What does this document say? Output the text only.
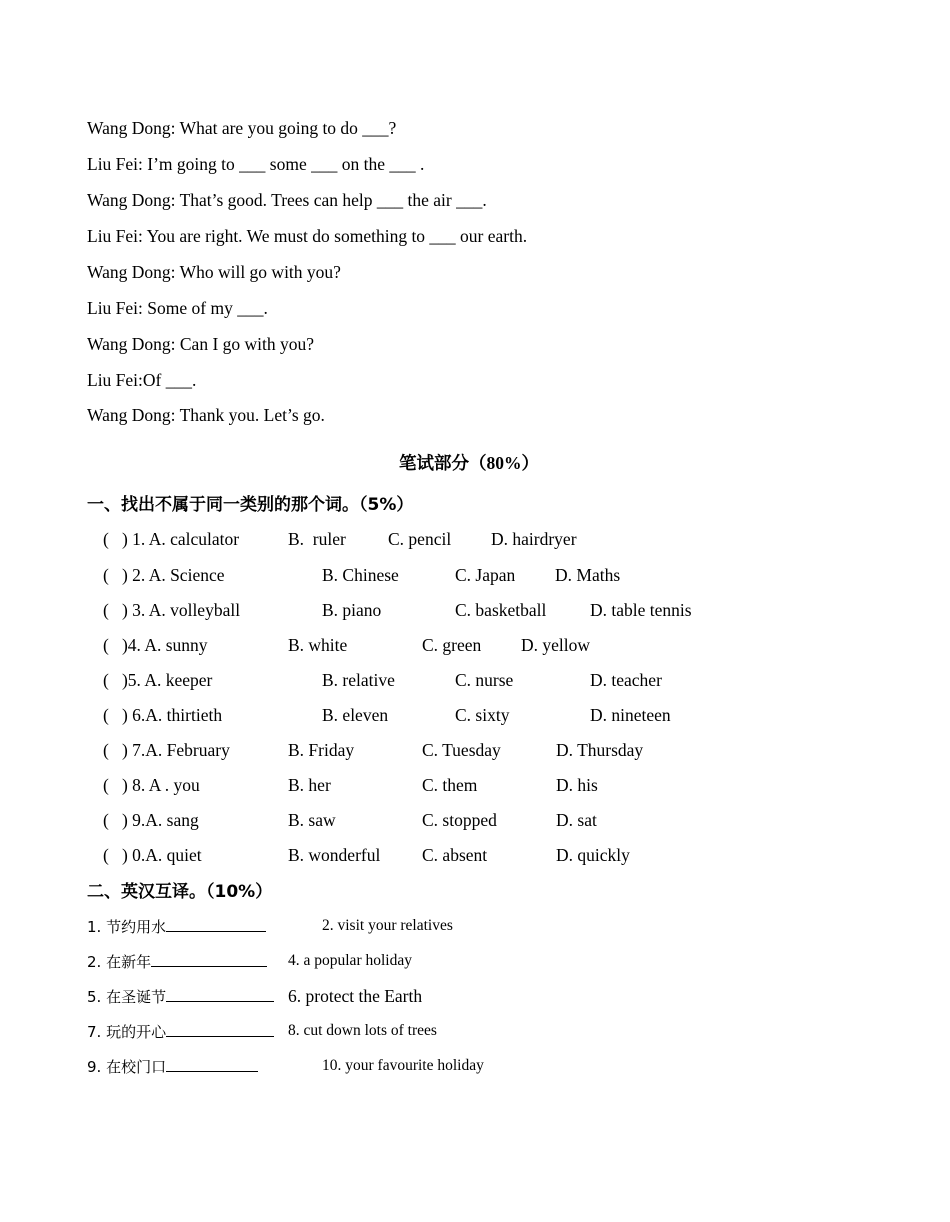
Wang Dong: What are you going to do ___?
Liu Fei: I’m going to ___ some ___ on the ___ .
Wang Dong: That’s good. Trees can help ___ the air ___.
Liu Fei: You are right. We must do something to ___ our earth.
Wang Dong: Who will go with you?
Liu Fei: Some of my ___.
Wang Dong: Can I go with you?
Liu Fei:Of ___.
Wang Dong: Thank you. Let’s go.
笔试部分（80%）
一、找出不属于同一类别的那个词。（5%）
(   ) 1. A. calculator	B.  ruler C. pencil D. hairdryer
(   ) 2. A. Science	B. Chinese	C. Japan D. Maths
(   ) 3. A. volleyball	B. piano	C. basketball D. table tennis
(   )4. A. sunny	B. white	C. green D. yellow
(   )5. A. keeper	B. relative	C. nurse	D. teacher
(   ) 6.A. thirtieth	B. eleven	C. sixty	D. nineteen
(   ) 7.A. February	B. Friday	C. Tuesday	D. Thursday
(   ) 8. A . you	B. her	C. them	D. his
(   ) 9.A. sang	B. saw	C. stopped	D. sat
(   ) 0.A. quiet	B. wonderful C. absent	D. quickly
二、英汉互译。（10%）
1. 节约用水	2. visit your relatives
2. 在新年	4. a popular holiday
5. 在圣诞节	6. protect the Earth
7. 玩的开心	8. cut down lots of trees
9. 在校门口	10. your favourite holiday
